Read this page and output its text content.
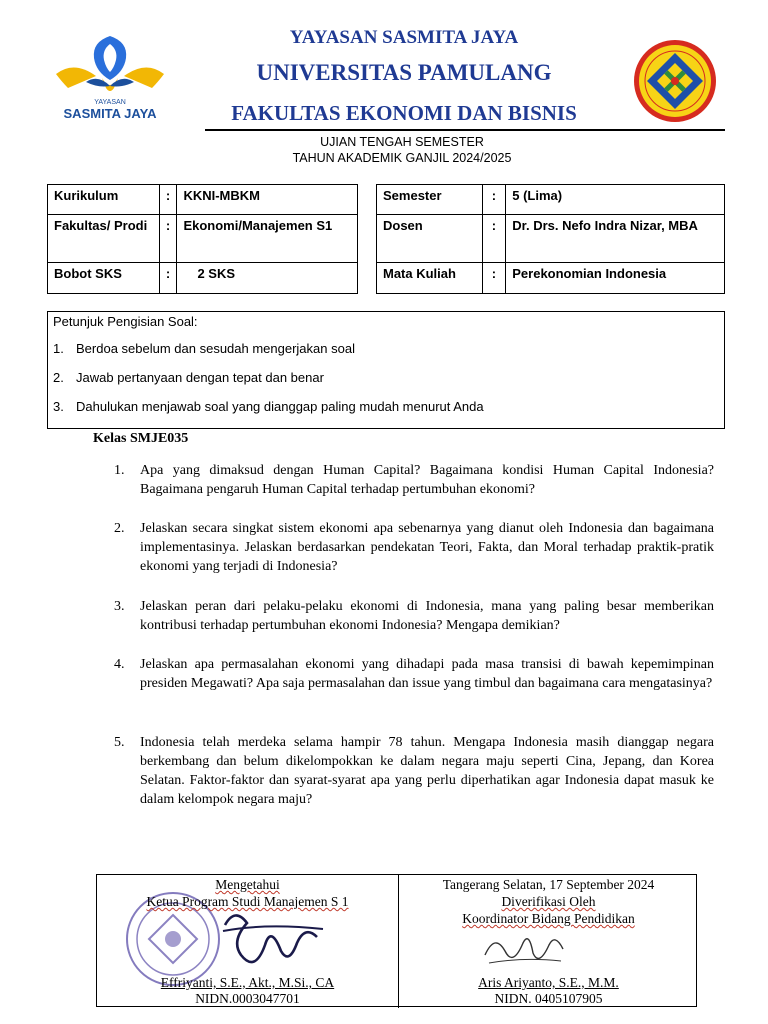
YAYASAN
SASMITA JAYA
YAYASAN SASMITA JAYA
UNIVERSITAS PAMULANG
FAKULTAS EKONOMI DAN BISNIS
UJIAN TENGAH SEMESTER
TAHUN AKADEMIK GANJIL 2024/2025
Kurikulum	:	KKNI-MBKM
Fakultas/ Prodi	:	Ekonomi/Manajemen S1
Bobot SKS	:	2 SKS
Semester	:	5 (Lima)
Dosen	:	Dr. Drs. Nefo Indra Nizar, MBA
Mata Kuliah	:	Perekonomian Indonesia
Petunjuk Pengisian Soal:
1. Berdoa sebelum dan sesudah mengerjakan soal
2. Jawab pertanyaan dengan tepat dan benar
3. Dahulukan menjawab soal yang dianggap paling mudah menurut Anda
Kelas SMJE035
1.	Apa yang dimaksud dengan Human Capital? Bagaimana kondisi Human Capital Indonesia? Bagaimana pengaruh Human Capital terhadap pertumbuhan ekonomi?
2.	Jelaskan secara singkat sistem ekonomi apa sebenarnya yang dianut oleh Indonesia dan bagaimana implementasinya. Jelaskan berdasarkan pendekatan Teori, Fakta, dan Moral terhadap praktik-pratik ekonomi yang terjadi di Indonesia?
3.	Jelaskan peran dari pelaku-pelaku ekonomi di Indonesia, mana yang paling besar memberikan kontribusi terhadap pertumbuhan ekonomi Indonesia? Mengapa demikian?
4.	Jelaskan apa permasalahan ekonomi yang dihadapi pada masa transisi di bawah kepemimpinan presiden Megawati? Apa saja permasalahan dan issue yang timbul dan bagaimana cara mengatasinya?
5.	Indonesia telah merdeka selama hampir 78 tahun. Mengapa Indonesia masih dianggap negara berkembang dan belum dikelompokkan ke dalam negara maju seperti Cina, Jepang, dan Korea Selatan. Faktor-faktor dan syarat-syarat apa yang perlu diperhatikan agar Indonesia dapat masuk ke dalam kelompok negara maju?
Mengetahui
Ketua Program Studi Manajemen S 1
Effriyanti, S.E., Akt., M.Si., CA
NIDN.0003047701
Tangerang Selatan, 17 September 2024
Diverifikasi Oleh
Koordinator Bidang Pendidikan
Aris Ariyanto, S.E., M.M.
NIDN. 0405107905
